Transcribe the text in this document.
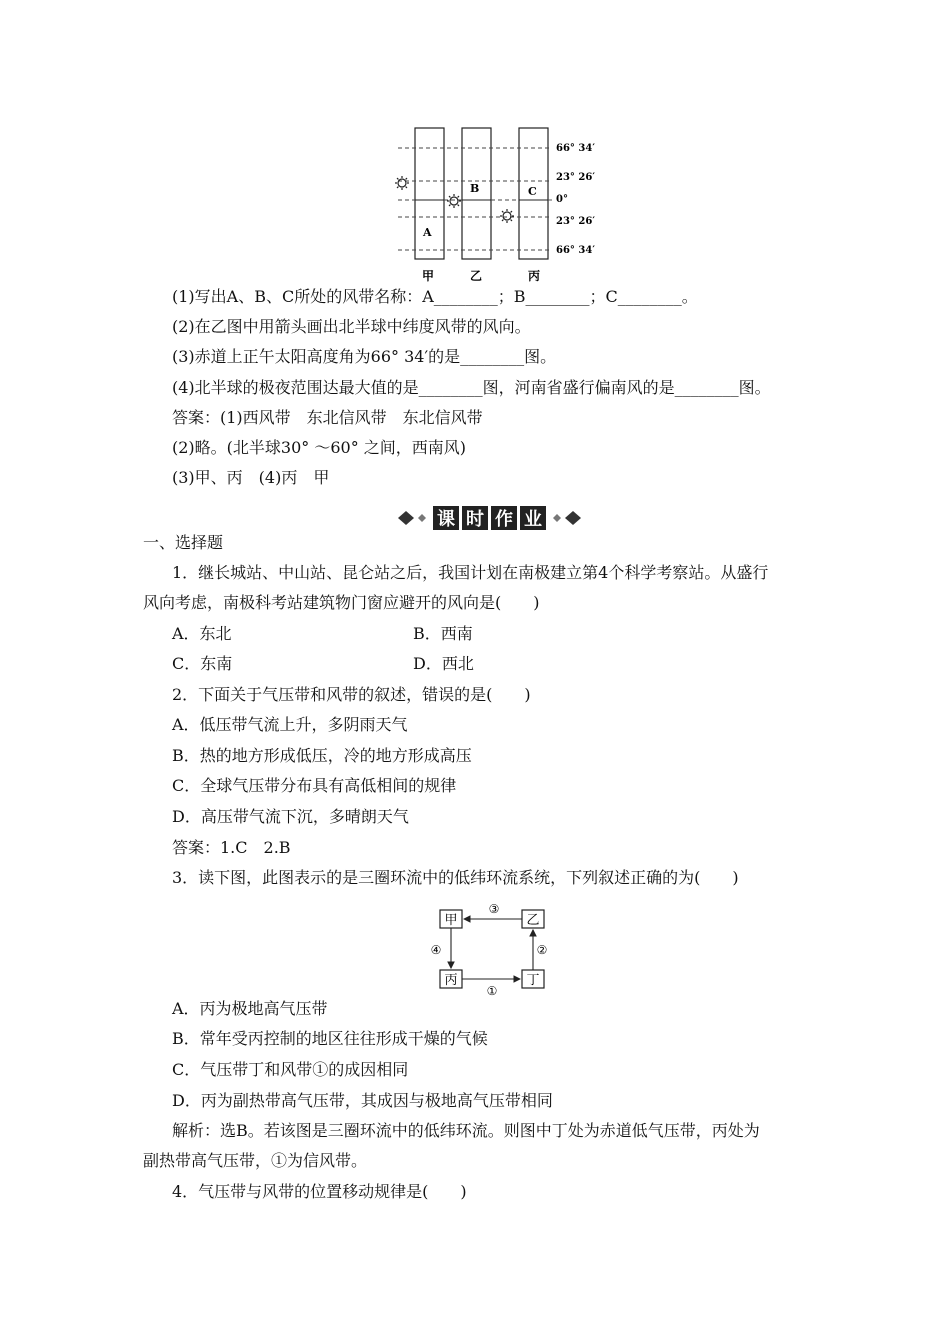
A
B	C
66° 34′
23° 26′
0°
23° 26′
66° 34′
甲	乙	丙
(1)写出A、B、C所处的风带名称：A________；B________；C________。
(2)在乙图中用箭头画出北半球中纬度风带的风向。
(3)赤道上正午太阳高度角为66° 34′的是________图。
(4)北半球的极夜范围达最大值的是________图，河南省盛行偏南风的是________图。
答案：(1)西风带　东北信风带　东北信风带
(2)略。(北半球30° ～60° 之间，西南风)
(3)甲、丙　(4)丙　甲
课 时 作 业
一、选择题
1．继长城站、中山站、昆仑站之后，我国计划在南极建立第4个科学考察站。从盛行
风向考虑，南极科考站建筑物门窗应避开的风向是(　　)
A．东北	B．西南
C．东南	D．西北
2．下面关于气压带和风带的叙述，错误的是(　　)
A．低压带气流上升，多阴雨天气
B．热的地方形成低压，冷的地方形成高压
C．全球气压带分布具有高低相间的规律
D．高压带气流下沉，多晴朗天气
答案：1.C　2.B
3．读下图，此图表示的是三圈环流中的低纬环流系统，下列叙述正确的为(　　)
甲	乙
丙	丁
③
②
④
①
A．丙为极地高气压带
B．常年受丙控制的地区往往形成干燥的气候
C．气压带丁和风带①的成因相同
D．丙为副热带高气压带，其成因与极地高气压带相同
解析：选B。若该图是三圈环流中的低纬环流。则图中丁处为赤道低气压带，丙处为
副热带高气压带，①为信风带。
4．气压带与风带的位置移动规律是(　　)
